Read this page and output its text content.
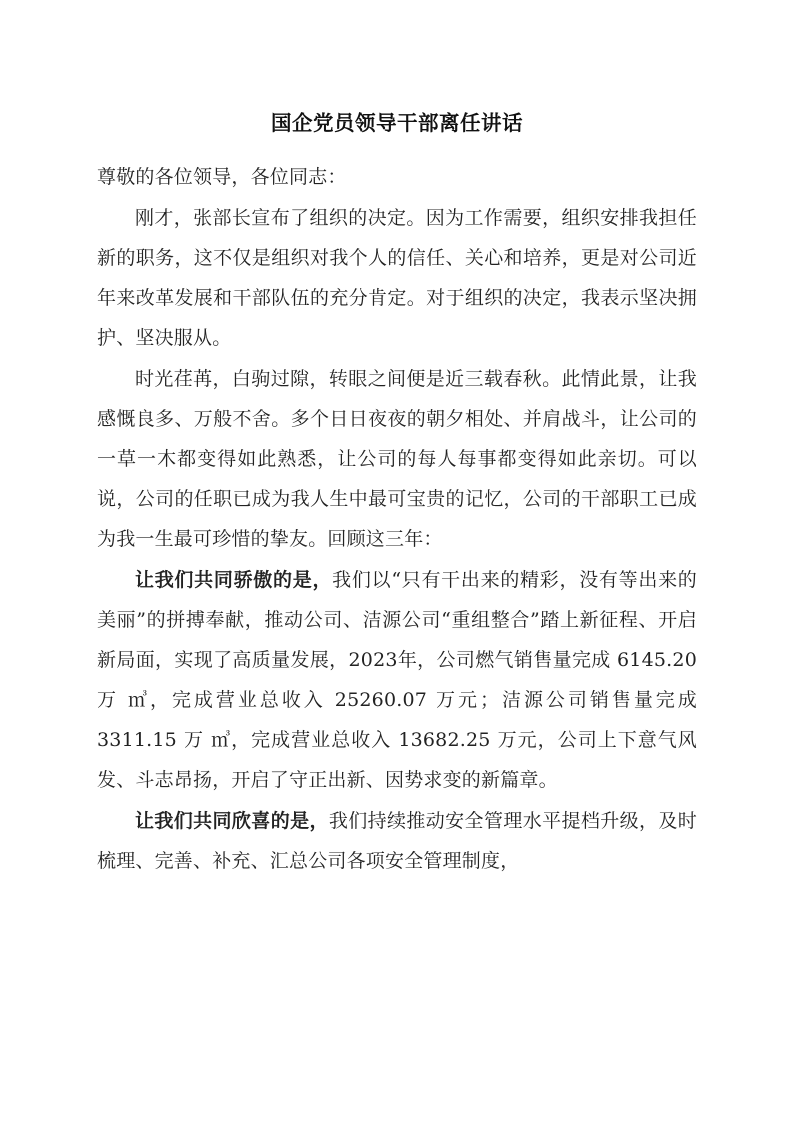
国企党员领导干部离任讲话

尊敬的各位领导，各位同志：

刚才，张部长宣布了组织的决定。因为工作需要，组织安排我担任新的职务，这不仅是组织对我个人的信任、关心和培养，更是对公司近年来改革发展和干部队伍的充分肯定。对于组织的决定，我表示坚决拥护、坚决服从。

时光荏苒，白驹过隙，转眼之间便是近三载春秋。此情此景，让我感慨良多、万般不舍。多个日日夜夜的朝夕相处、并肩战斗，让公司的一草一木都变得如此熟悉，让公司的每人每事都变得如此亲切。可以说，公司的任职已成为我人生中最可宝贵的记忆，公司的干部职工已成为我一生最可珍惜的挚友。回顾这三年：

让我们共同骄傲的是，我们以“只有干出来的精彩，没有等出来的美丽”的拼搏奉献，推动公司、洁源公司“重组整合”踏上新征程、开启新局面，实现了高质量发展，2023年，公司燃气销售量完成 6145.20 万 ㎥，完成营业总收入 25260.07 万元；洁源公司销售量完成 3311.15 万 ㎥，完成营业总收入 13682.25 万元，公司上下意气风发、斗志昂扬，开启了守正出新、因势求变的新篇章。

让我们共同欣喜的是，我们持续推动安全管理水平提档升级，及时梳理、完善、补充、汇总公司各项安全管理制度，
